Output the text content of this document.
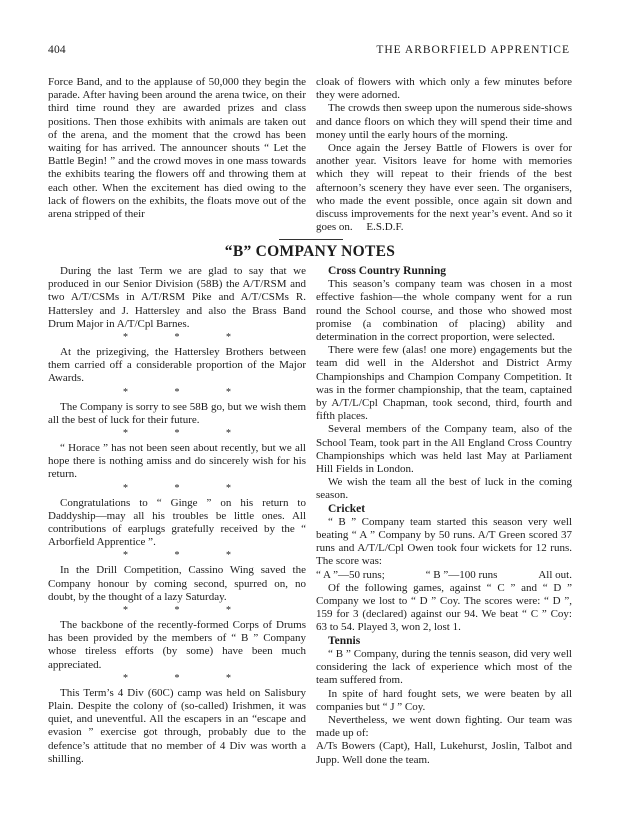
404	THE ARBORFIELD APPRENTICE

Force Band, and to the applause of 50,000 they begin the parade. After having been around the arena twice, on their third time round they are awarded prizes and class positions. Then those exhibits with animals are taken out of the arena, and the moment that the crowd has been waiting for has arrived. The announcer shouts “ Let the Battle Begin! ” and the crowd moves in one mass towards the exhibits tearing the flowers off and throwing them at each other. When the excitement has died owing to the lack of flowers on the exhibits, the floats move out of the arena stripped of their

cloak of flowers with which only a few minutes before they were adorned.

The crowds then sweep upon the numerous side-shows and dance floors on which they will spend their time and money until the early hours of the morning.

Once again the Jersey Battle of Flowers is over for another year. Visitors leave for home with memories which they will repeat to their friends of the best afternoon’s scenery they have ever seen. The organisers, who made the event possible, once again sit down and discuss improvements for the next year’s event. And so it goes on. E.S.D.F.

“B” COMPANY NOTES

During the last Term we are glad to say that we produced in our Senior Division (58B) the A/T/RSM and two A/T/CSMs in A/T/RSM Pike and A/T/CSMs R. Hattersley and J. Hattersley and also the Brass Band Drum Major in A/T/Cpl Barnes.

* * *

At the prizegiving, the Hattersley Brothers between them carried off a considerable proportion of the Major Awards.

* * *

The Company is sorry to see 58B go, but we wish them all the best of luck for their future.

* * *

“ Horace ” has not been seen about recently, but we all hope there is nothing amiss and do sincerely wish for his return.

* * *

Congratulations to “ Ginge ” on his return to Daddyship—may all his troubles be little ones. All contributions of earplugs gratefully received by the “ Arborfield Apprentice ”.

* * *

In the Drill Competition, Cassino Wing saved the Company honour by coming second, spurred on, no doubt, by the thought of a lazy Saturday.

* * *

The backbone of the recently-formed Corps of Drums has been provided by the members of “ B ” Company whose tireless efforts (by some) have been much appreciated.

* * *

This Term’s 4 Div (60C) camp was held on Salisbury Plain. Despite the colony of (so-called) Irishmen, it was quiet, and uneventful. All the escapers in an “escape and evasion ” exercise got through, probably due to the defence’s attitude that no member of 4 Div was worth a shilling.

Cross Country Running

This season’s company team was chosen in a most effective fashion—the whole company went for a run round the School course, and those who showed most promise (a combination of placing) ability and determination in the correct proportion, were selected.

There were few (alas! one more) engagements but the team did well in the Aldershot and District Army Championships and Champion Company Competition. It was in the former championship, that the team, captained by A/T/L/Cpl Chapman, took second, third, fourth and fifth places.

Several members of the Company team, also of the School Team, took part in the All England Cross Country Championships which was held last May at Parliament Hill Fields in London.

We wish the team all the best of luck in the coming season.

Cricket

“ B ” Company team started this season very well beating “ A ” Company by 50 runs. A/T Green scored 37 runs and A/T/L/Cpl Owen took four wickets for 12 runs. The score was:

“ A ”—50 runs;	“ B ”—100 runs	All out.

Of the following games, against “ C ” and “ D ” Company we lost to “ D ” Coy. The scores were: “ D ”, 159 for 3 (declared) against our 94. We beat “ C ” Coy: 63 to 54. Played 3, won 2, lost 1.

Tennis

“ B ” Company, during the tennis season, did very well considering the lack of experience which most of the team suffered from.

In spite of hard fought sets, we were beaten by all companies but “ J ” Coy.

Nevertheless, we went down fighting. Our team was made up of:

A/Ts Bowers (Capt), Hall, Lukehurst, Joslin, Talbot and Jupp. Well done the team.
